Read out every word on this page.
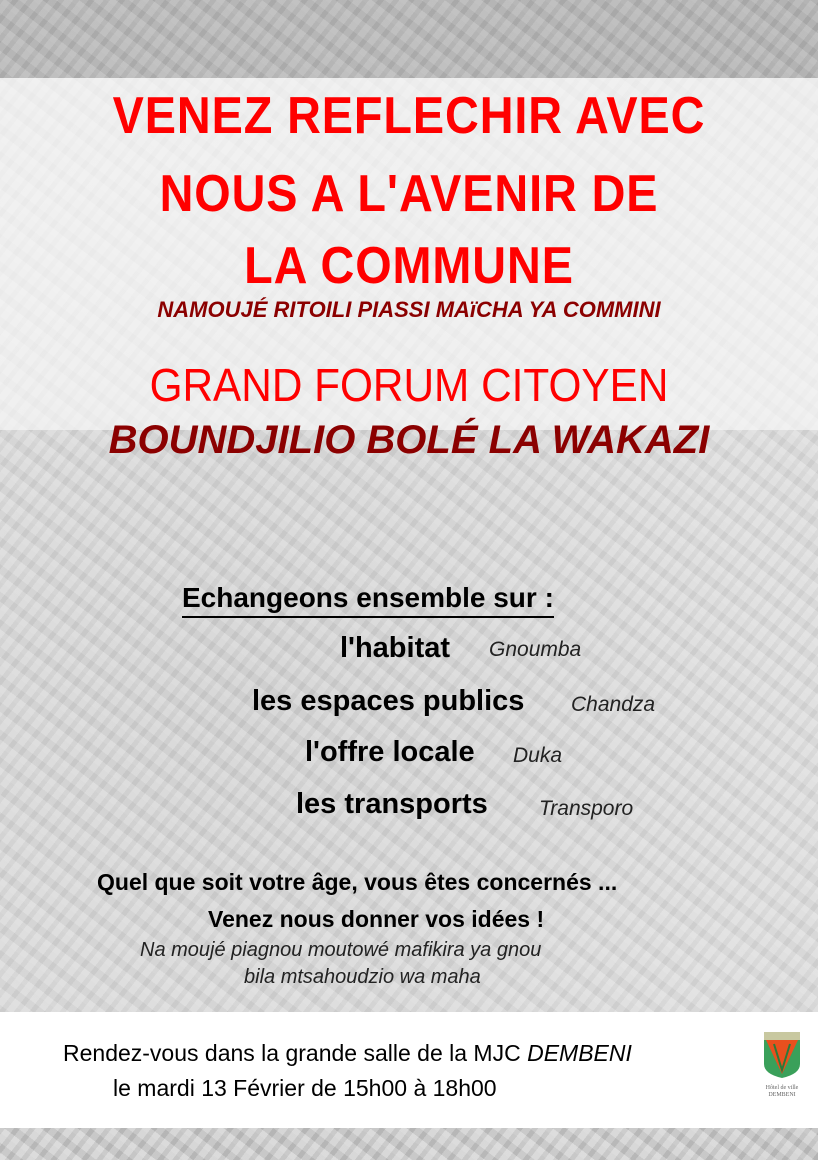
VENEZ REFLECHIR AVEC
NOUS A L'AVENIR DE
LA COMMUNE
NAMOUJÉ RITOILI PIASSI MAïCHA YA COMMINI
GRAND FORUM CITOYEN
BOUNDJILIO BOLÉ LA WAKAZI
Echangeons ensemble sur :
l'habitat Gnoumba
les espaces publics Chandza
l'offre locale Duka
les transports Transporo
Quel que soit votre âge, vous êtes concernés ...
Venez nous donner vos idées !
Na moujé piagnou moutowé mafikira ya gnou
bila mtsahoudzio wa maha
Rendez-vous dans la grande salle de la MJC DEMBENI
le mardi 13 Février de 15h00 à 18h00	Hôtel de ville
DEMBENI
